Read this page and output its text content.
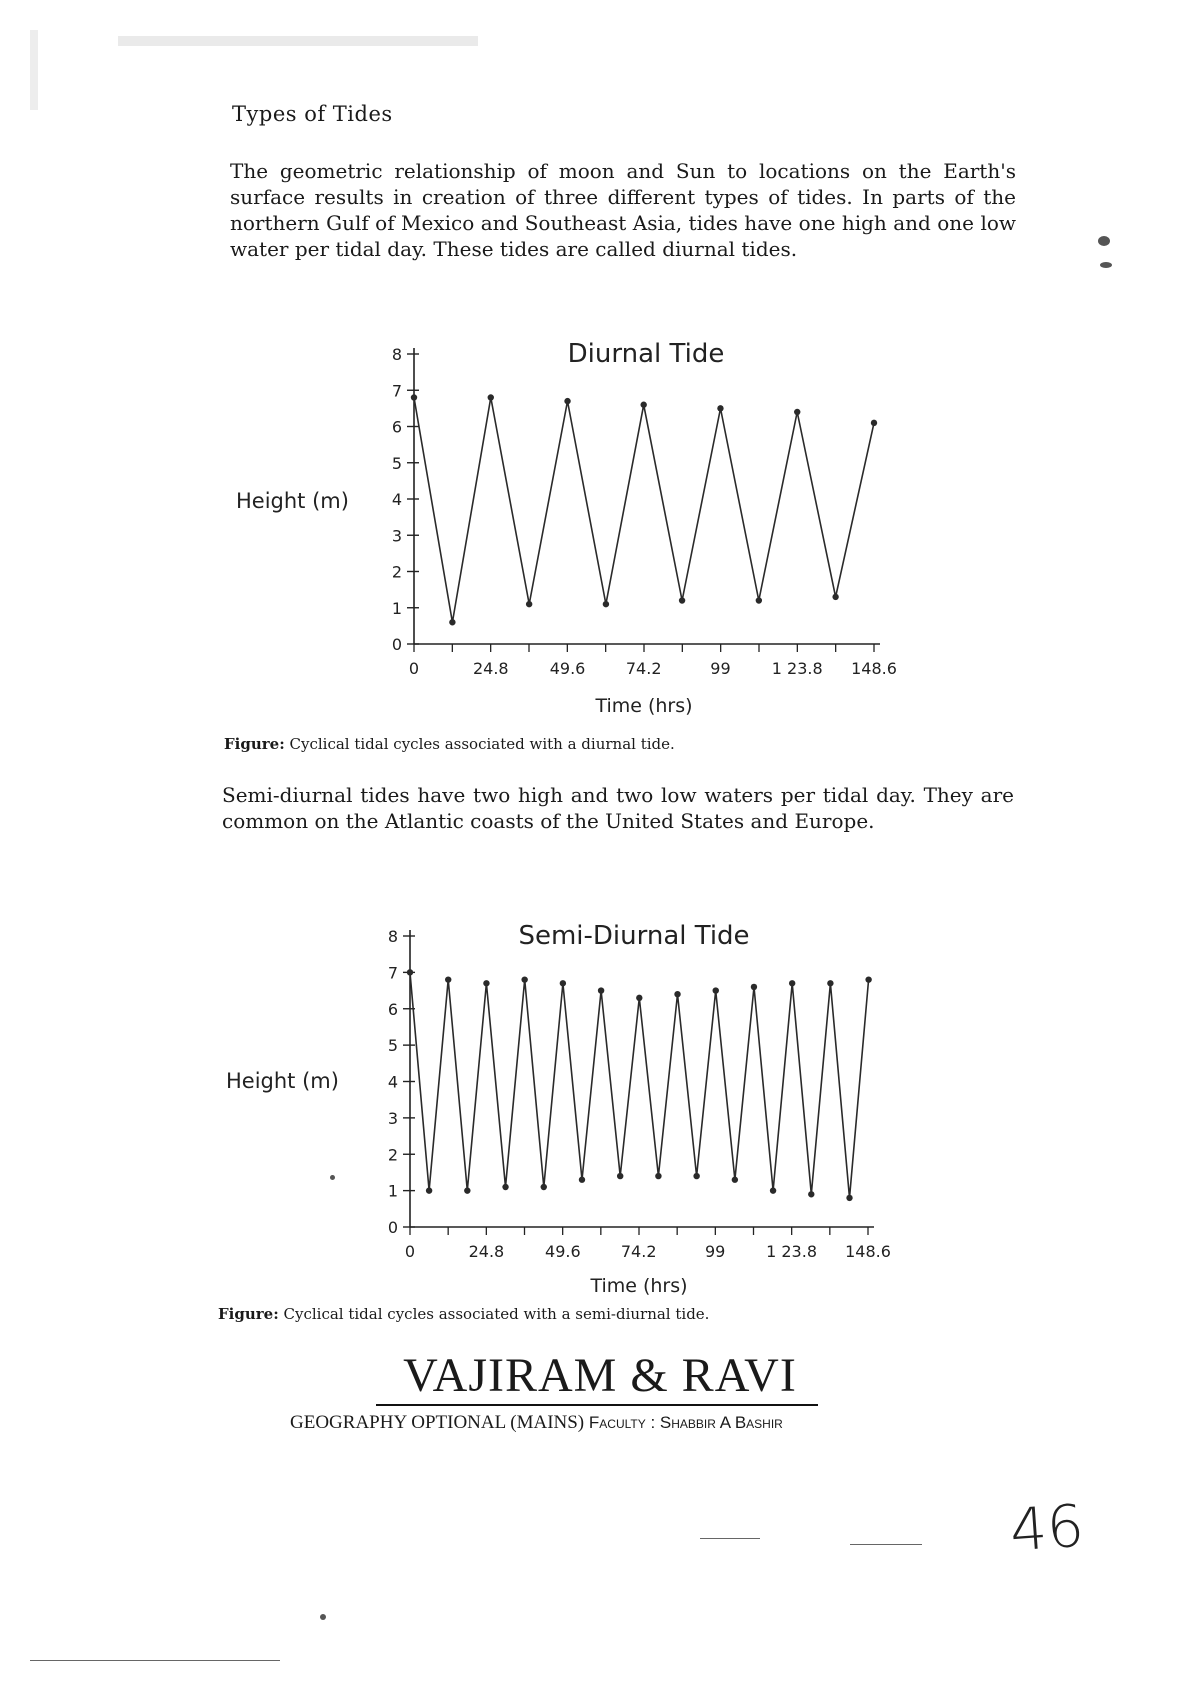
Types of Tides
The geometric relationship of moon and Sun to locations on the Earth's surface results in creation of three different types of tides. In parts of the northern Gulf of Mexico and Southeast Asia, tides have one high and one low water per tidal day. These tides are called diurnal tides.
Diurnal Tide
Height (m)
Time (hrs)
0
1
2
3
4
5
6
7
8
0	24.8	49.6	74.2	99	1 23.8 148.6
Figure: Cyclical tidal cycles associated with a diurnal tide.
Semi-diurnal tides have two high and two low waters per tidal day. They are common on the Atlantic coasts of the United States and Europe.
Semi-Diurnal Tide
Height (m)
Time (hrs)
0
1
2
3
4
5
6
7
8
0	24.8	49.6	74.2	99	1 23.8 148.6
Figure: Cyclical tidal cycles associated with a semi-diurnal tide.
VAJIRAM & RAVI
GEOGRAPHY OPTIONAL (MAINS) Faculty : Shabbir A Bashir
46
